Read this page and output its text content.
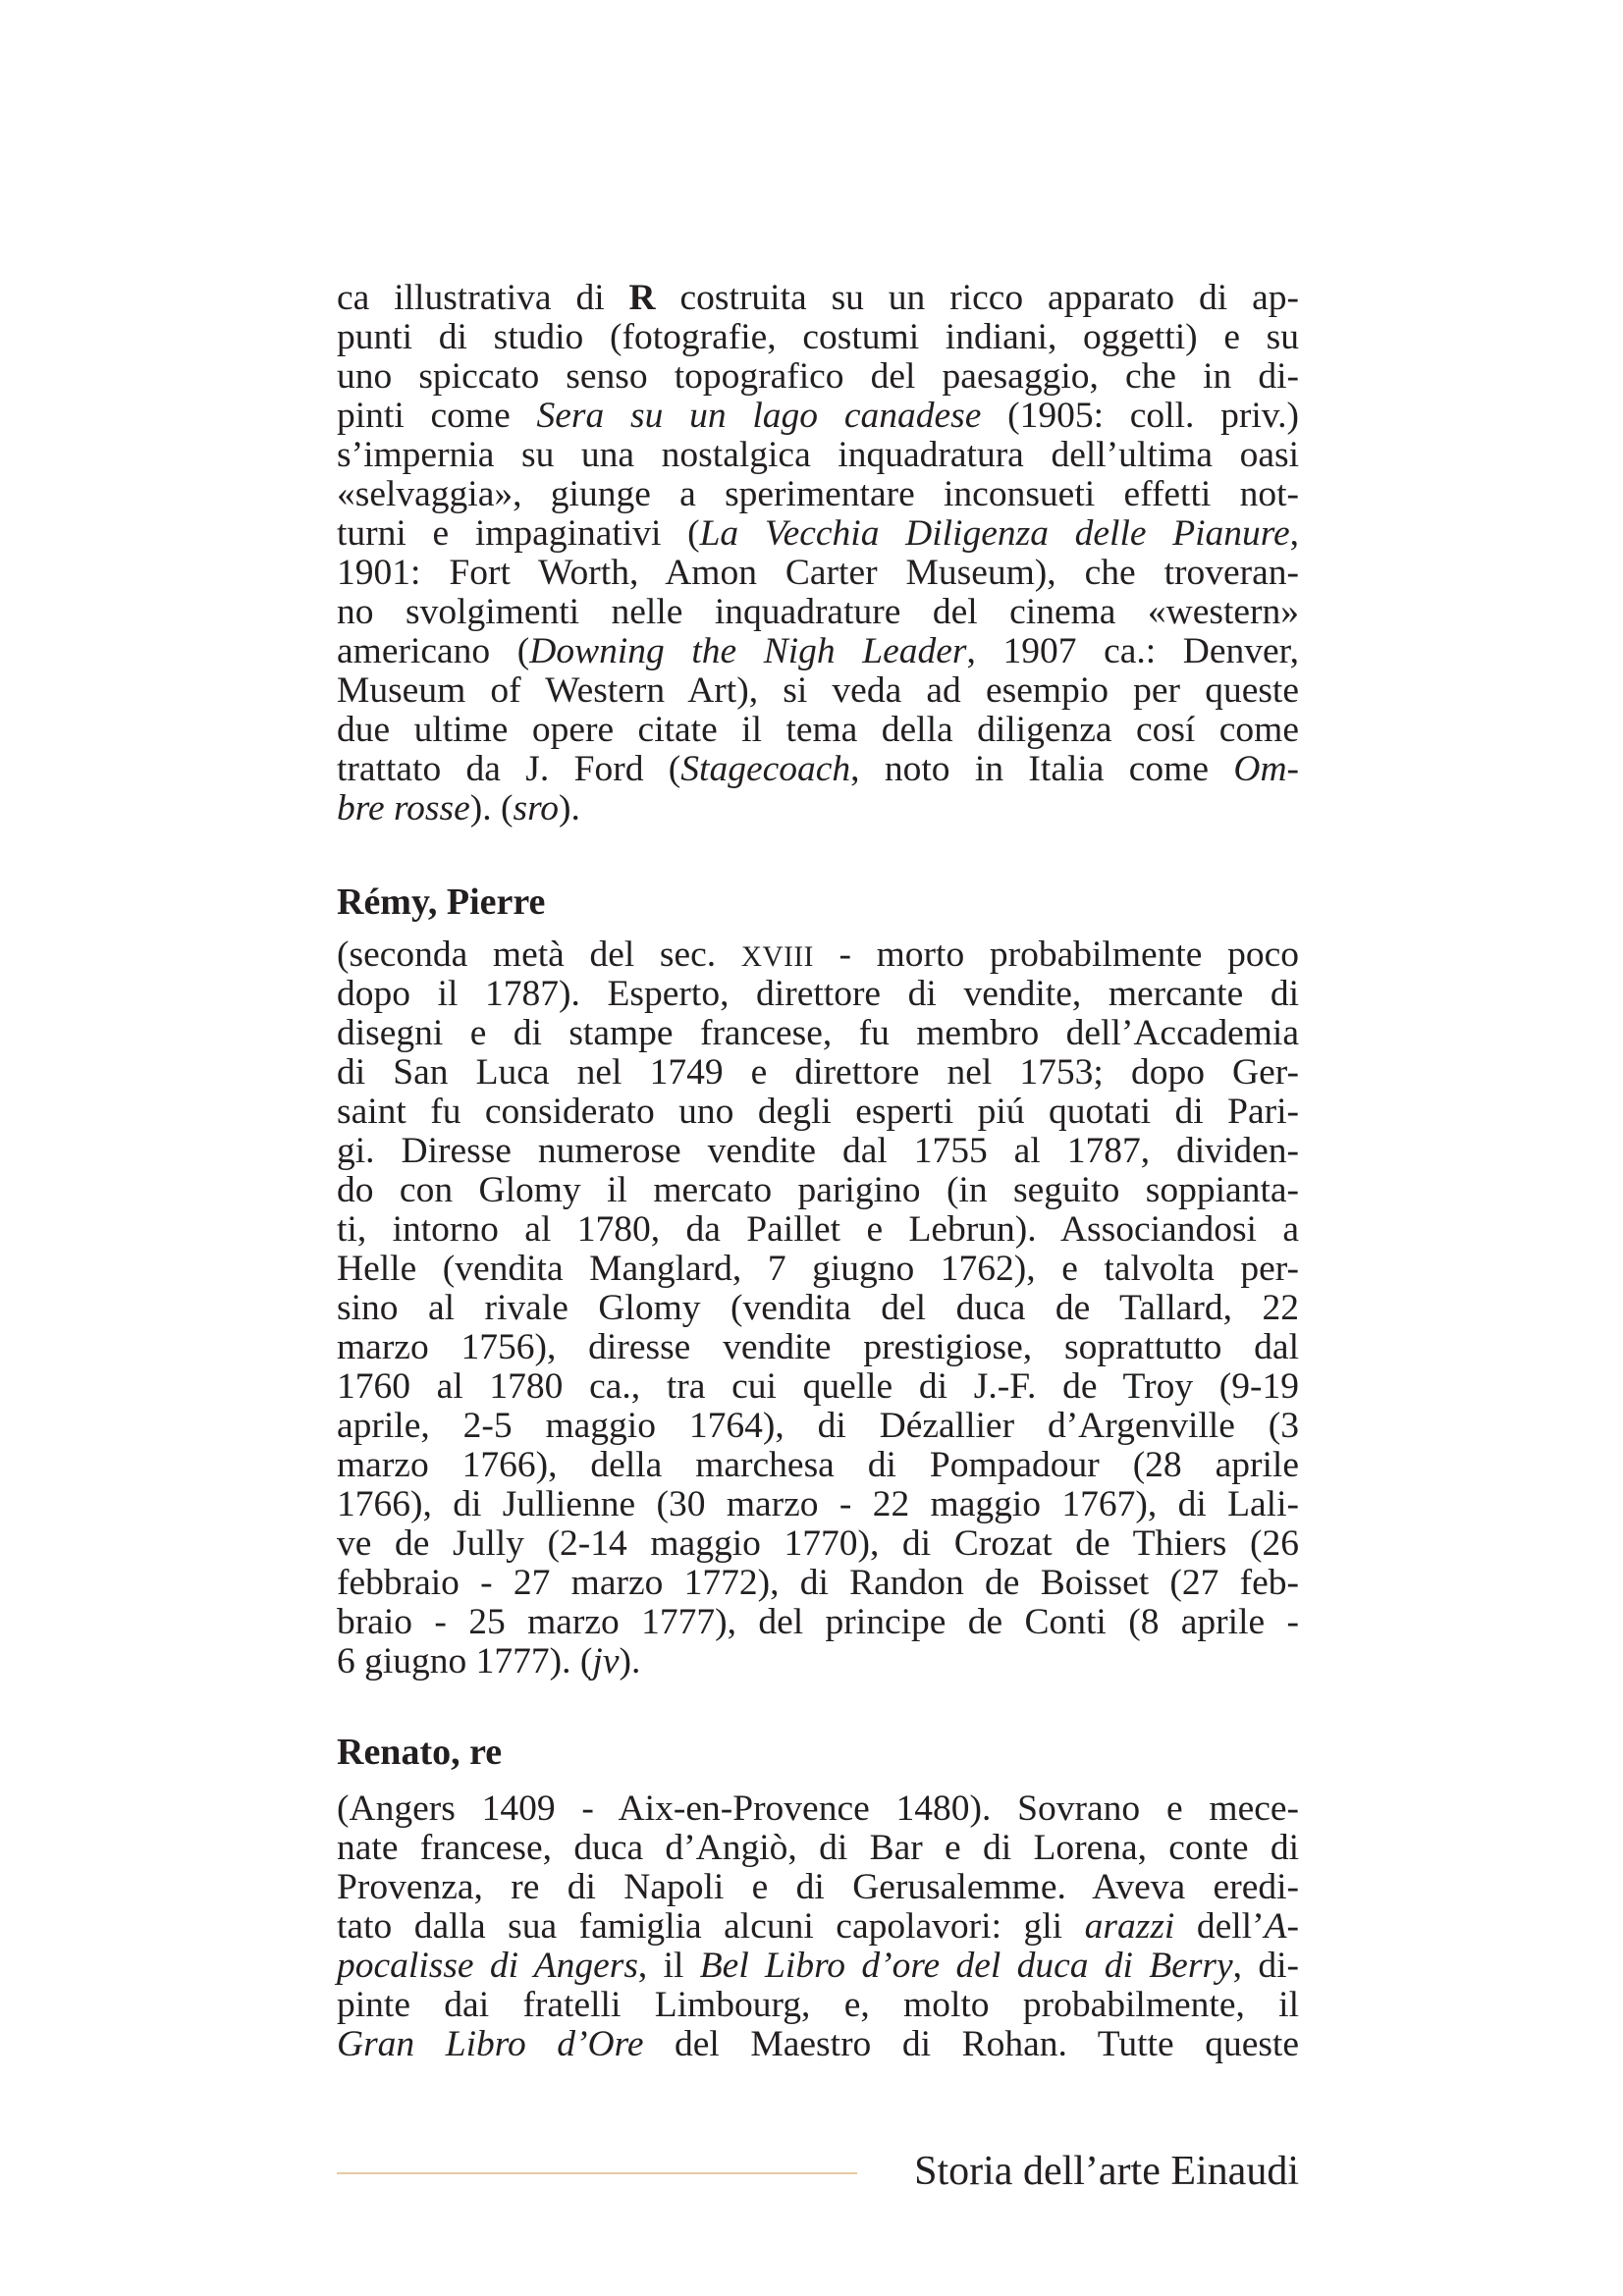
ca illustrativa di R costruita su un ricco apparato di ap-
punti di studio (fotografie, costumi indiani, oggetti) e su
uno spiccato senso topografico del paesaggio, che in di-
pinti come Sera su un lago canadese (1905: coll. priv.)
s’impernia su una nostalgica inquadratura dell’ultima oasi
«selvaggia», giunge a sperimentare inconsueti effetti not-
turni e impaginativi (La Vecchia Diligenza delle Pianure,
1901: Fort Worth, Amon Carter Museum), che troveran-
no svolgimenti nelle inquadrature del cinema «western»
americano (Downing the Nigh Leader, 1907 ca.: Denver,
Museum of Western Art), si veda ad esempio per queste
due ultime opere citate il tema della diligenza cosí come
trattato da J. Ford (Stagecoach, noto in Italia come Om-
bre rosse). (sro).
Rémy, Pierre
(seconda metà del sec. XVIII - morto probabilmente poco
dopo il 1787). Esperto, direttore di vendite, mercante di
disegni e di stampe francese, fu membro dell’Accademia
di San Luca nel 1749 e direttore nel 1753; dopo Ger-
saint fu considerato uno degli esperti piú quotati di Pari-
gi. Diresse numerose vendite dal 1755 al 1787, dividen-
do con Glomy il mercato parigino (in seguito soppianta-
ti, intorno al 1780, da Paillet e Lebrun). Associandosi a
Helle (vendita Manglard, 7 giugno 1762), e talvolta per-
sino al rivale Glomy (vendita del duca de Tallard, 22
marzo 1756), diresse vendite prestigiose, soprattutto dal
1760 al 1780 ca., tra cui quelle di J.-F. de Troy (9-19
aprile, 2-5 maggio 1764), di Dézallier d’Argenville (3
marzo 1766), della marchesa di Pompadour (28 aprile
1766), di Jullienne (30 marzo - 22 maggio 1767), di Lali-
ve de Jully (2-14 maggio 1770), di Crozat de Thiers (26
febbraio - 27 marzo 1772), di Randon de Boisset (27 feb-
braio - 25 marzo 1777), del principe de Conti (8 aprile -
6 giugno 1777). (jv).
Renato, re
(Angers 1409 - Aix-en-Provence 1480). Sovrano e mece-
nate francese, duca d’Angiò, di Bar e di Lorena, conte di
Provenza, re di Napoli e di Gerusalemme. Aveva eredi-
tato dalla sua famiglia alcuni capolavori: gli arazzi dell’A-
pocalisse di Angers, il Bel Libro d’ore del duca di Berry, di-
pinte dai fratelli Limbourg, e, molto probabilmente, il
Gran Libro d’Ore del Maestro di Rohan. Tutte queste
Storia dell’arte Einaudi
